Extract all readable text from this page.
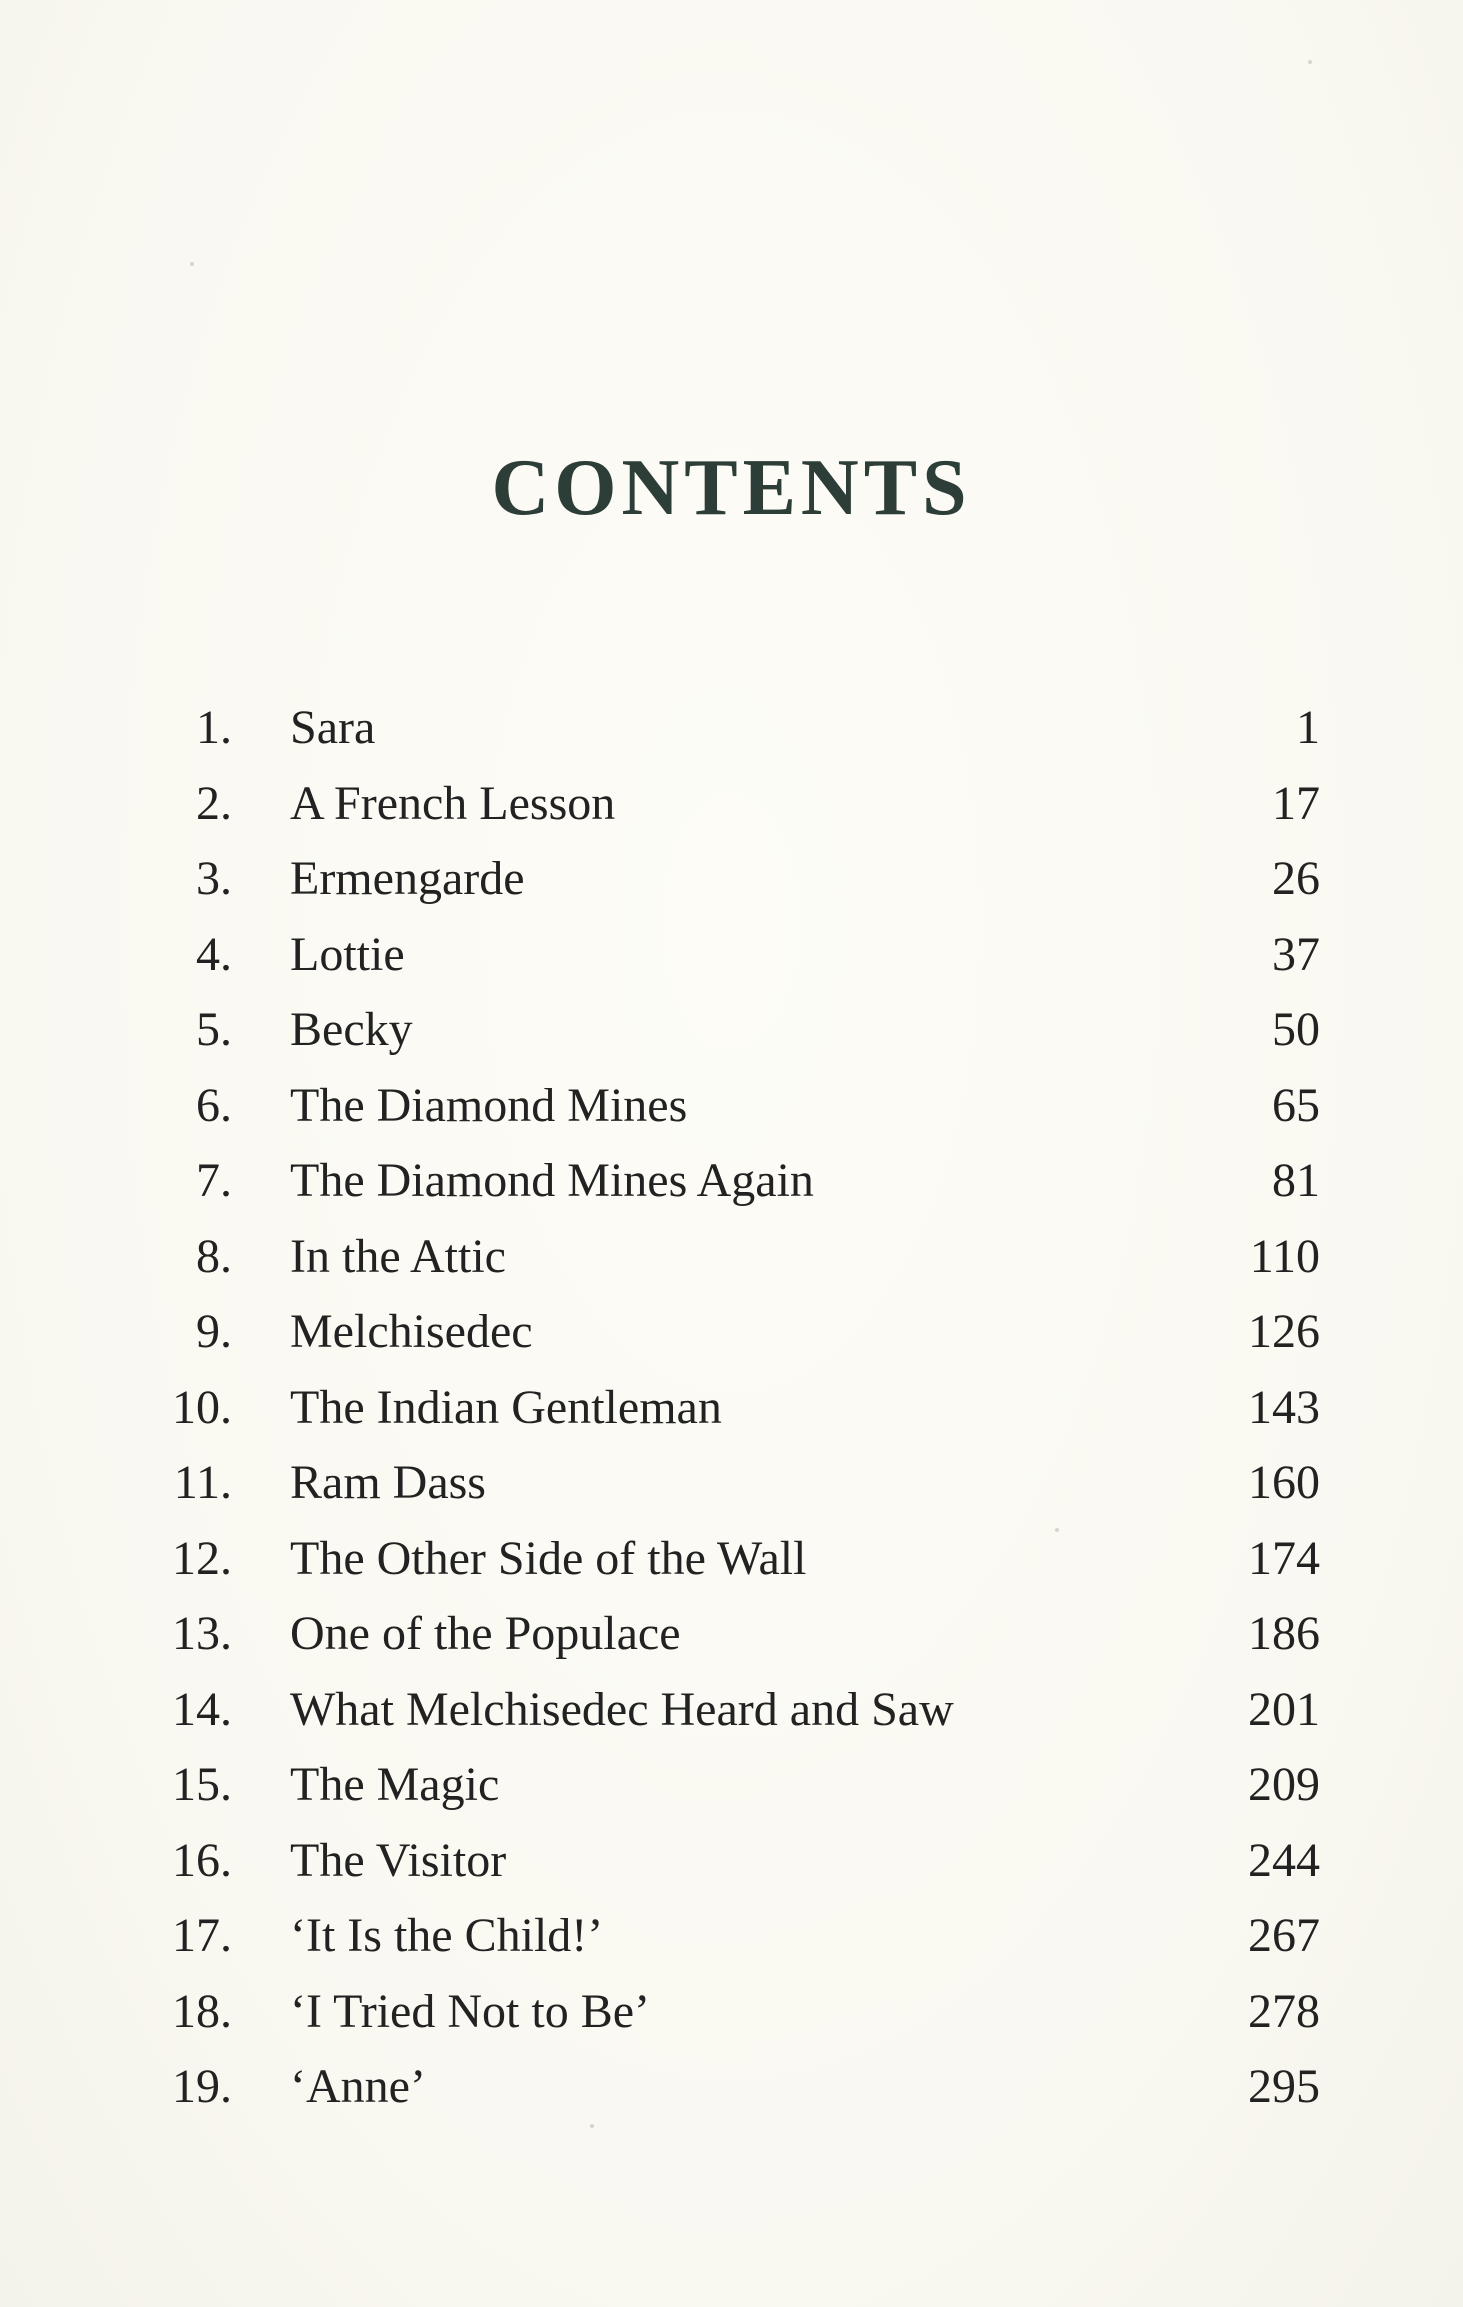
CONTENTS
1.	Sara	1
2.	A French Lesson	17
3.	Ermengarde	26
4.	Lottie	37
5.	Becky	50
6.	The Diamond Mines	65
7.	The Diamond Mines Again	81
8.	In the Attic	110
9.	Melchisedec	126
10.	The Indian Gentleman	143
11.	Ram Dass	160
12.	The Other Side of the Wall	174
13.	One of the Populace	186
14.	What Melchisedec Heard and Saw	201
15.	The Magic	209
16.	The Visitor	244
17.	‘It Is the Child!’	267
18.	‘I Tried Not to Be’	278
19.	‘Anne’	295
